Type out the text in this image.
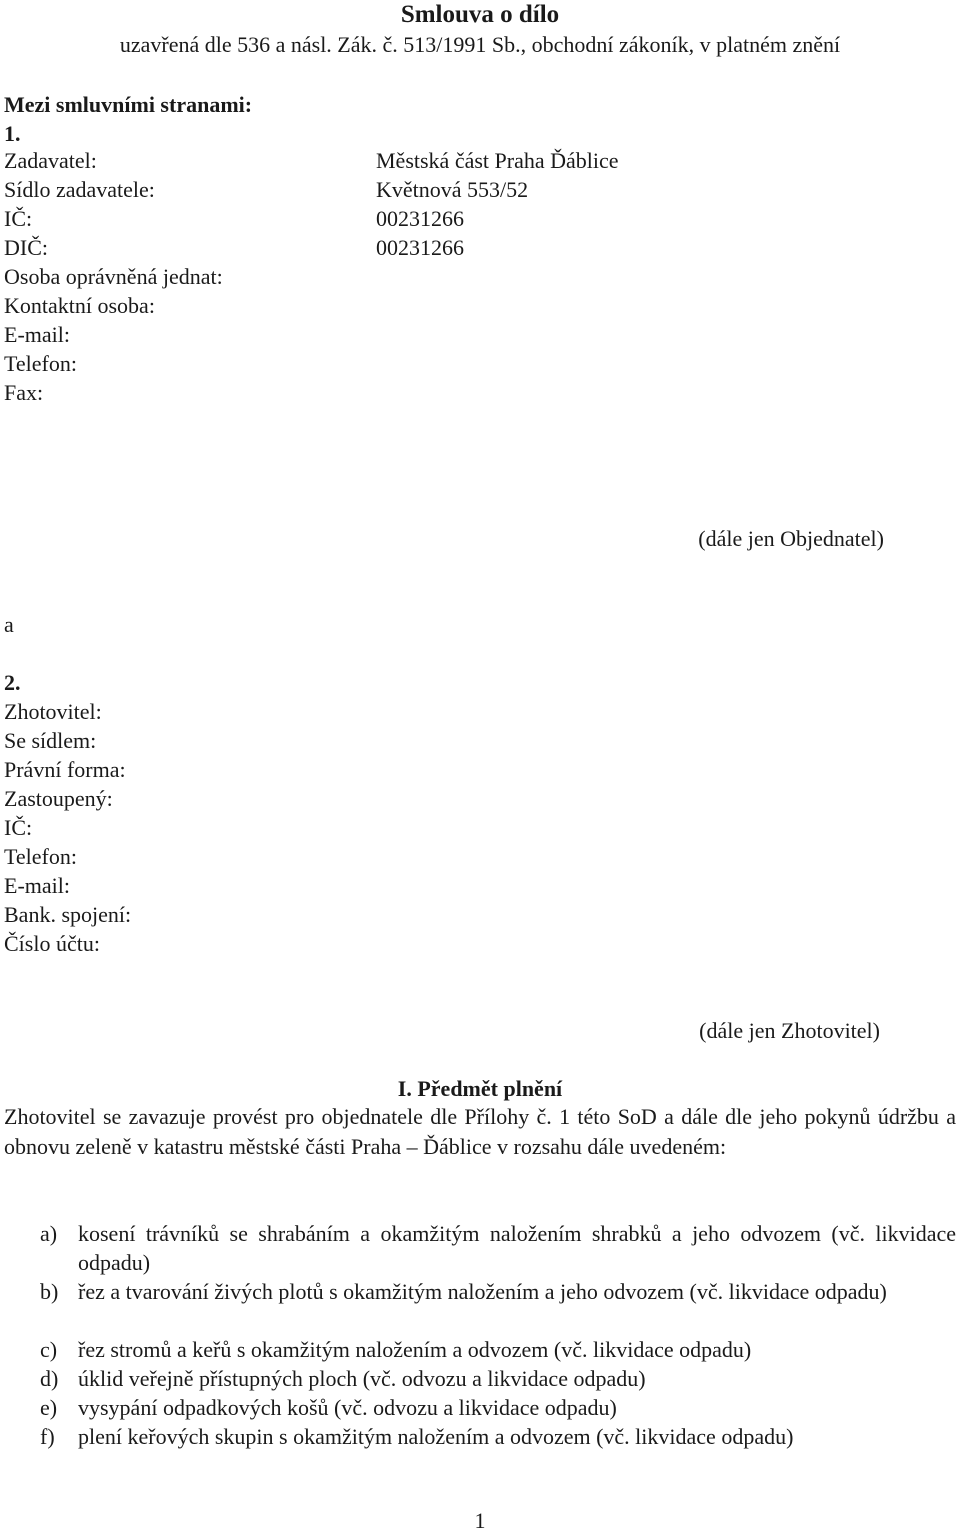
Smlouva o dílo
uzavřená dle 536 a násl. Zák. č. 513/1991 Sb., obchodní zákoník, v platném znění
Mezi smluvními stranami:
1.
Zadavatel:	Městská část Praha Ďáblice
Sídlo zadavatele:	Květnová 553/52
IČ:	00231266
DIČ:	00231266
Osoba oprávněná jednat:
Kontaktní osoba:
E-mail:
Telefon:
Fax:
(dále jen Objednatel)
a
2.
Zhotovitel:
Se sídlem:
Právní forma:
Zastoupený:
IČ:
Telefon:
E-mail:
Bank. spojení:
Číslo účtu:
(dále jen Zhotovitel)
I. Předmět plnění
Zhotovitel se zavazuje provést pro objednatele dle Přílohy č. 1 této SoD a dále dle jeho pokynů údržbu a obnovu zeleně v katastru městské části Praha – Ďáblice v rozsahu dále uvedeném:
a) kosení trávníků se shrabáním a okamžitým naložením shrabků a jeho odvozem (vč. likvidace odpadu)
b) řez a tvarování živých plotů s okamžitým naložením a jeho odvozem (vč. likvidace odpadu)
c) řez stromů a keřů s okamžitým naložením a odvozem (vč. likvidace odpadu)
d) úklid veřejně přístupných ploch (vč. odvozu a likvidace odpadu)
e) vysypání odpadkových košů (vč. odvozu a likvidace odpadu)
f) plení keřových skupin s okamžitým naložením a odvozem (vč. likvidace odpadu)
1
